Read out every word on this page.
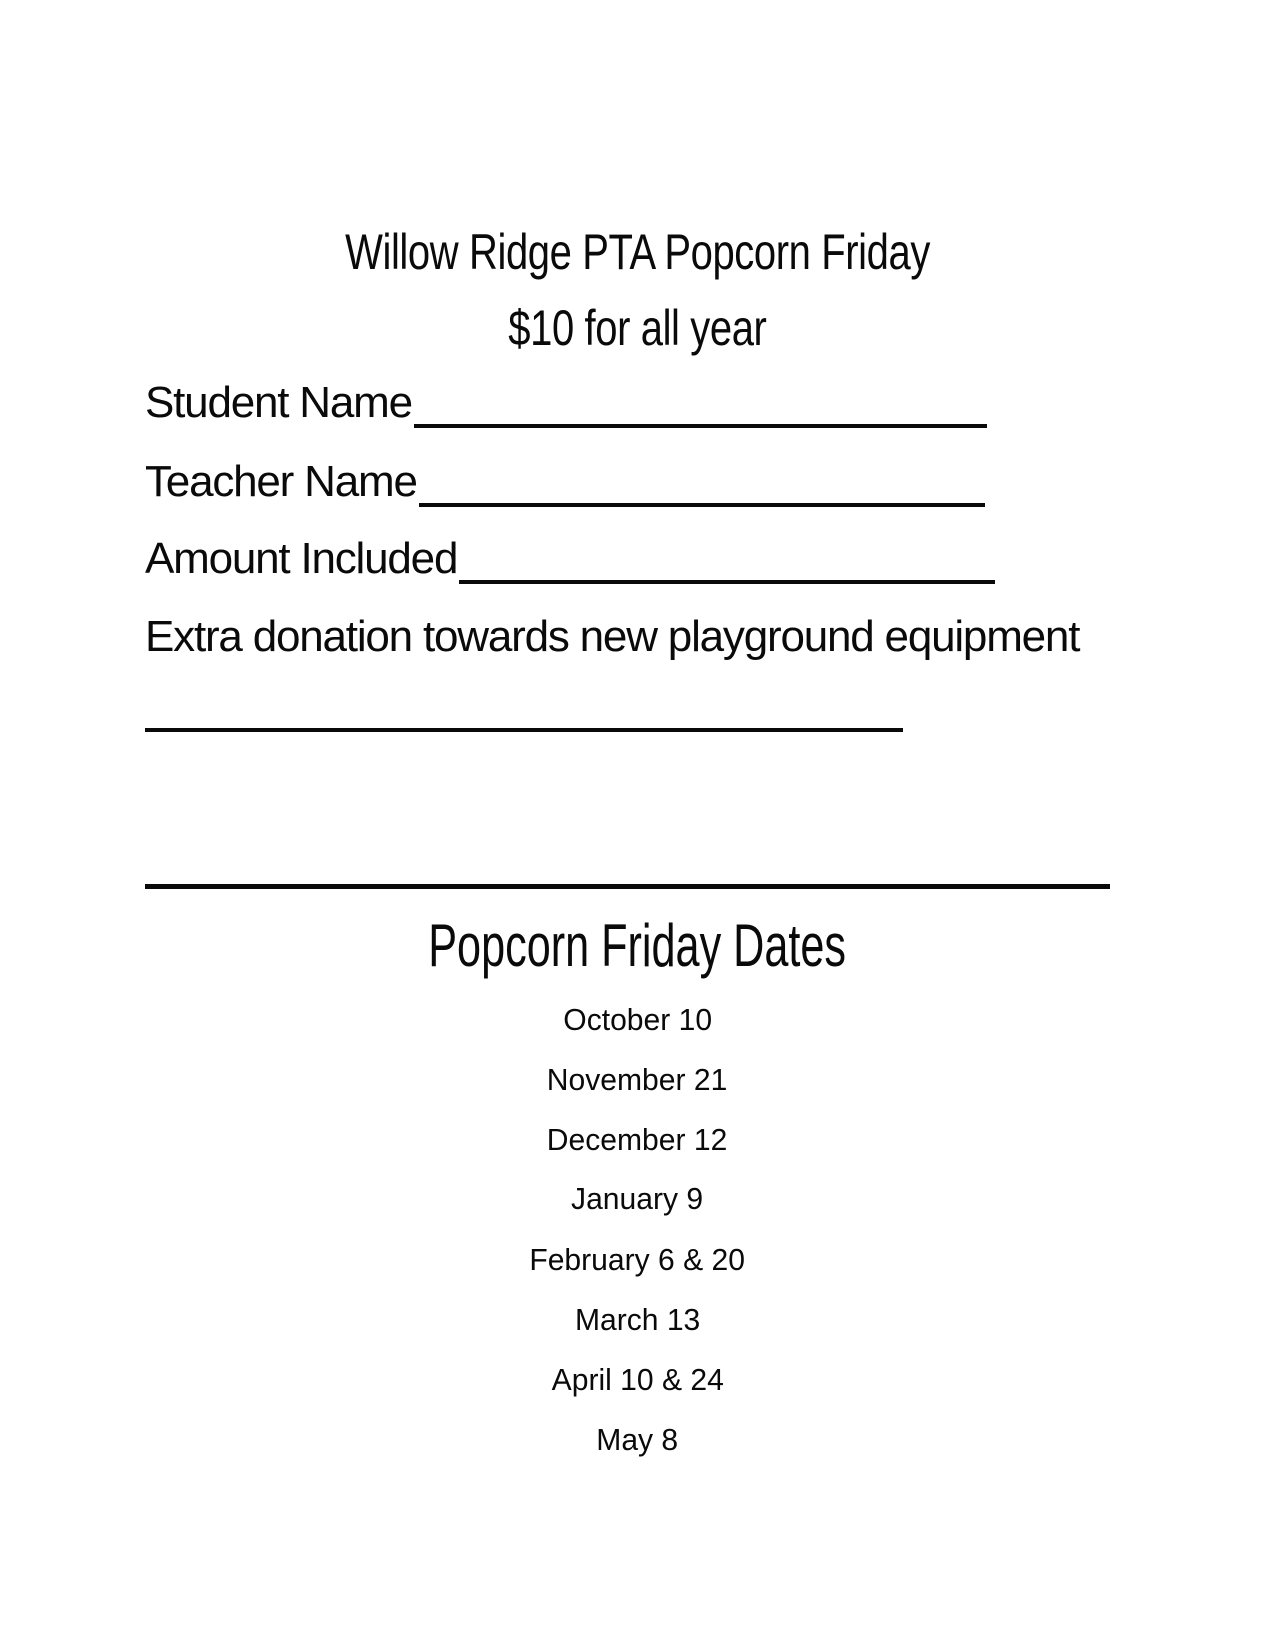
Willow Ridge PTA Popcorn Friday
$10 for all year
Student Name
Teacher Name
Amount Included
Extra donation towards new playground equipment
Popcorn Friday Dates
October 10
November 21
December 12
January 9
February 6 & 20
March 13
April 10 & 24
May 8
